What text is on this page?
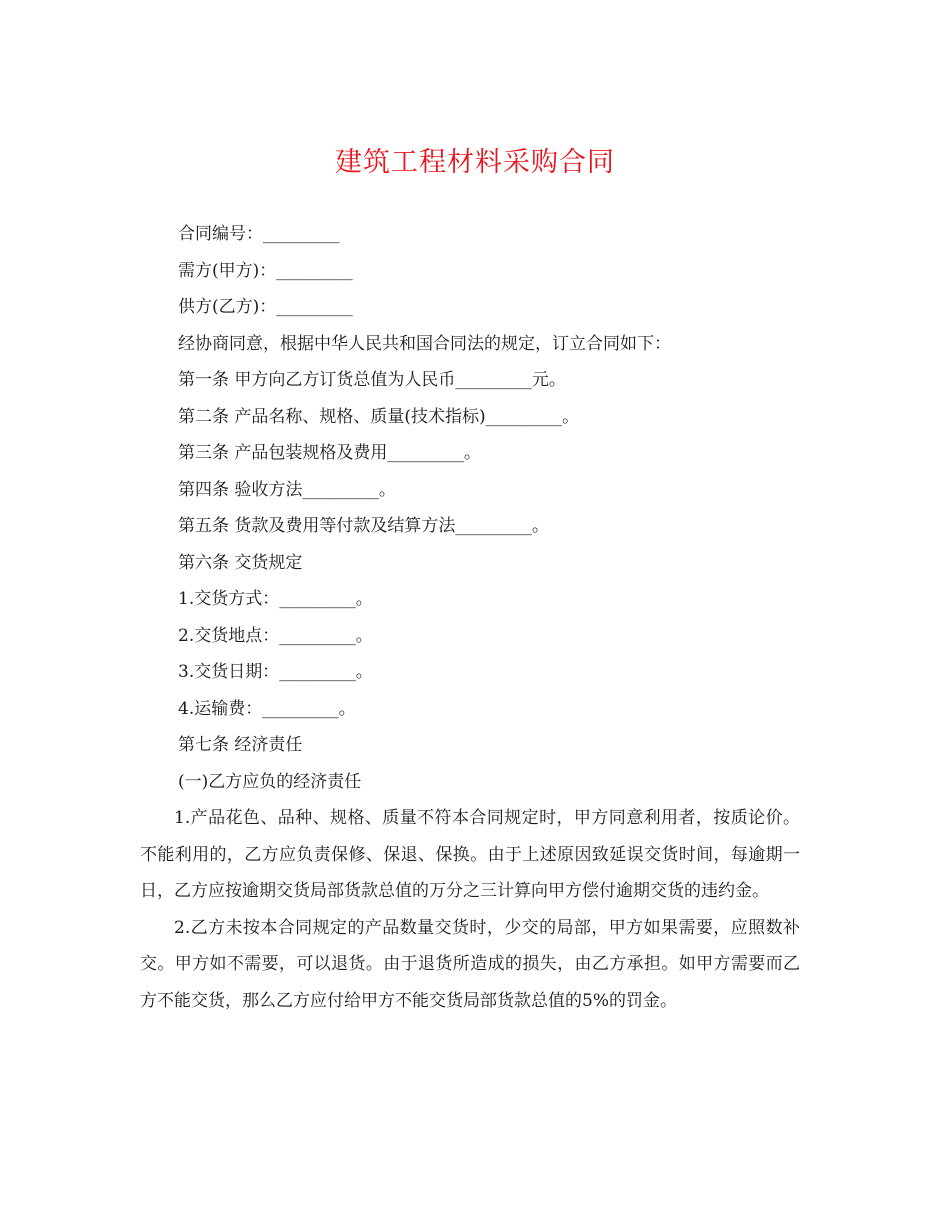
建筑工程材料采购合同

合同编号：_________

需方(甲方)：_________

供方(乙方)：_________

经协商同意，根据中华人民共和国合同法的规定，订立合同如下：

第一条 甲方向乙方订货总值为人民币_________元。

第二条 产品名称、规格、质量(技术指标)_________。

第三条 产品包装规格及费用_________。

第四条 验收方法_________。

第五条 货款及费用等付款及结算方法_________。

第六条 交货规定

1.交货方式：_________。

2.交货地点：_________。

3.交货日期：_________。

4.运输费：_________。

第七条 经济责任

(一)乙方应负的经济责任

1.产品花色、品种、规格、质量不符本合同规定时，甲方同意利用者，按质论价。不能利用的，乙方应负责保修、保退、保换。由于上述原因致延误交货时间，每逾期一日，乙方应按逾期交货局部货款总值的万分之三计算向甲方偿付逾期交货的违约金。

2.乙方未按本合同规定的产品数量交货时，少交的局部，甲方如果需要，应照数补交。甲方如不需要，可以退货。由于退货所造成的损失，由乙方承担。如甲方需要而乙方不能交货，那么乙方应付给甲方不能交货局部货款总值的5%的罚金。
